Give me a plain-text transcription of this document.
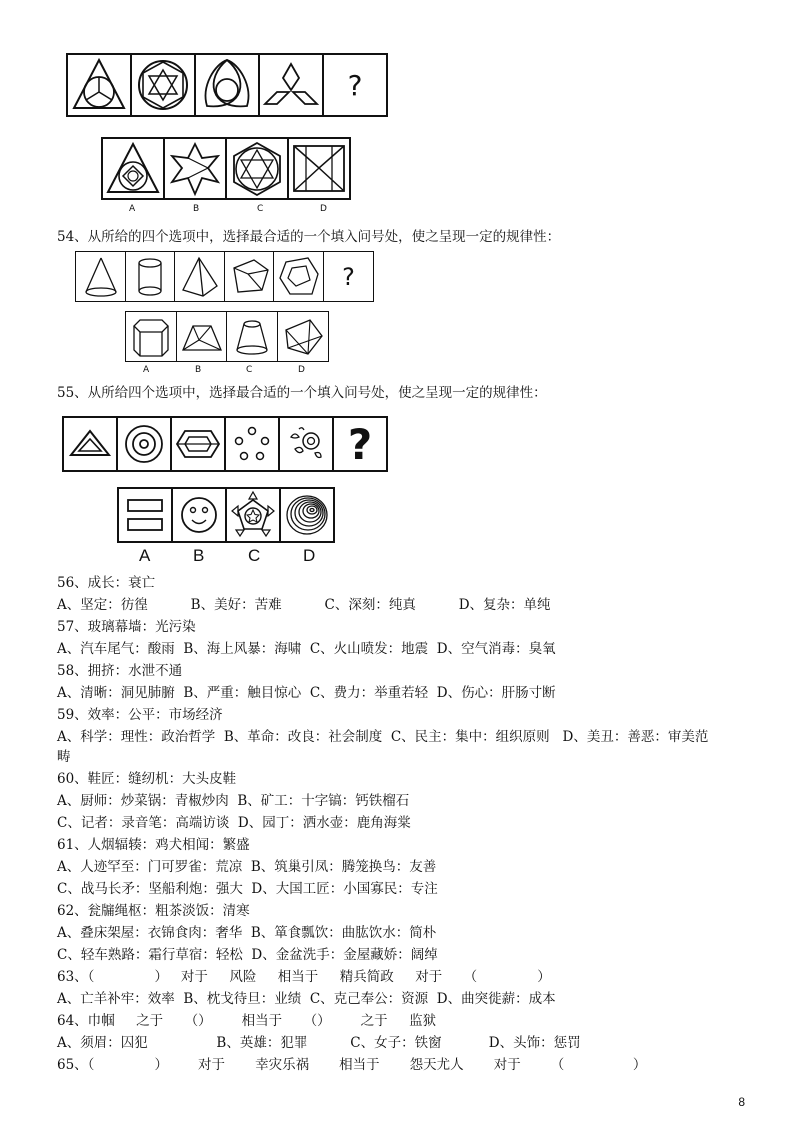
?
A	B	C	D
54、从所给的四个选项中，选择最合适的一个填入问号处，使之呈现一定的规律性：
?
A	B	C	D
55、从所给四个选项中，选择最合适的一个填入问号处，使之呈现一定的规律性：
?
A	B	C	D
56、成长：衰亡
A、坚定：彷徨          B、美好：苦难          C、深刻：纯真          D、复杂：单纯
57、玻璃幕墙：光污染
A、汽车尾气：酸雨  B、海上风暴：海啸  C、火山喷发：地震  D、空气消毒：臭氧
58、拥挤：水泄不通
A、清晰：洞见肺腑  B、严重：触目惊心  C、费力：举重若轻  D、伤心：肝肠寸断
59、效率：公平：市场经济
A、科学：理性：政治哲学  B、革命：改良：社会制度  C、民主：集中：组织原则   D、美丑：善恶：审美范
畴
60、鞋匠：缝纫机：大头皮鞋
A、厨师：炒菜锅：青椒炒肉  B、矿工：十字镐：钙铁榴石
C、记者：录音笔：高端访谈  D、园丁：洒水壶：鹿角海棠
61、人烟辐辏：鸡犬相闻：繁盛
A、人迹罕至：门可罗雀：荒凉  B、筑巢引凤：腾笼换鸟：友善
C、战马长矛：坚船利炮：强大  D、大国工匠：小国寡民：专注
62、瓮牖绳枢：粗茶淡饭：清寒
A、叠床架屋：衣锦食肉：奢华  B、箪食瓢饮：曲肱饮水：简朴
C、轻车熟路：霜行草宿：轻松  D、金盆洗手：金屋藏娇：阔绰
63、（              ）   对于     风险     相当于     精兵简政     对于     （              ）
A、亡羊补牢：效率  B、枕戈待旦：业绩  C、克己奉公：资源  D、曲突徙薪：成本
64、巾帼     之于     （）       相当于     （）       之于     监狱
A、须眉：囚犯                B、英雄：犯罪          C、女子：铁窗           D、头饰：惩罚
65、（              ）       对于       幸灾乐祸       相当于       怨天尤人       对于       （                ）
8
